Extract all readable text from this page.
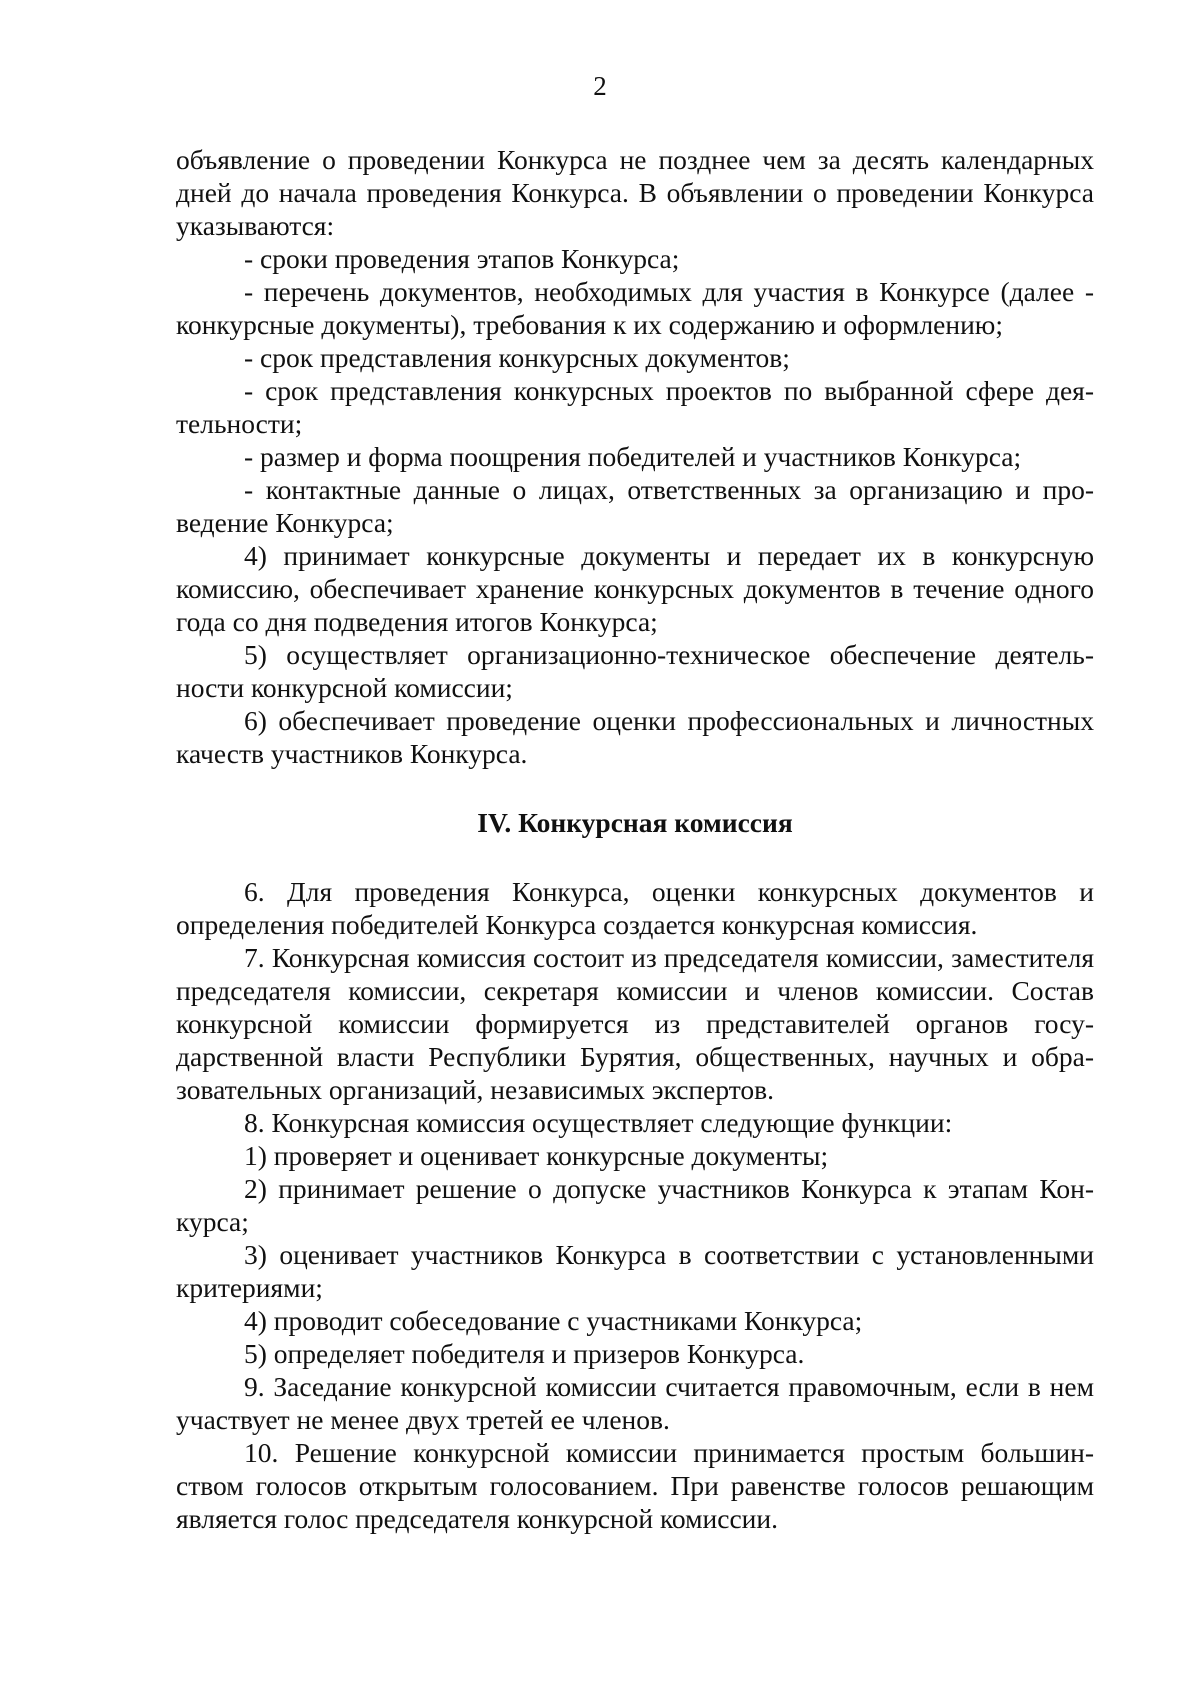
2

объявление о проведении Конкурса не позднее чем за десять календарных дней до начала проведения Конкурса. В объявлении о проведении Конкурса указываются:

- сроки проведения этапов Конкурса;

- перечень документов, необходимых для участия в Конкурсе (далее - конкурсные документы), требования к их содержанию и оформлению;

- срок представления конкурсных документов;

- срок представления конкурсных проектов по выбранной сфере деятельности;

- размер и форма поощрения победителей и участников Конкурса;

- контактные данные о лицах, ответственных за организацию и проведение Конкурса;

4) принимает конкурсные документы и передает их в конкурсную комиссию, обеспечивает хранение конкурсных документов в течение одного года со дня подведения итогов Конкурса;

5) осуществляет организационно-техническое обеспечение деятельности конкурсной комиссии;

6) обеспечивает проведение оценки профессиональных и личностных качеств участников Конкурса.

IV. Конкурсная комиссия

6. Для проведения Конкурса, оценки конкурсных документов и определения победителей Конкурса создается конкурсная комиссия.

7. Конкурсная комиссия состоит из председателя комиссии, заместителя председателя комиссии, секретаря комиссии и членов комиссии. Состав конкурсной комиссии формируется из представителей органов государственной власти Республики Бурятия, общественных, научных и образовательных организаций, независимых экспертов.

8. Конкурсная комиссия осуществляет следующие функции:

1) проверяет и оценивает конкурсные документы;

2) принимает решение о допуске участников Конкурса к этапам Конкурса;

3) оценивает участников Конкурса в соответствии с установленными критериями;

4) проводит собеседование с участниками Конкурса;

5) определяет победителя и призеров Конкурса.

9. Заседание конкурсной комиссии считается правомочным, если в нем участвует не менее двух третей ее членов.

10. Решение конкурсной комиссии принимается простым большинством голосов открытым голосованием. При равенстве голосов решающим является голос председателя конкурсной комиссии.
